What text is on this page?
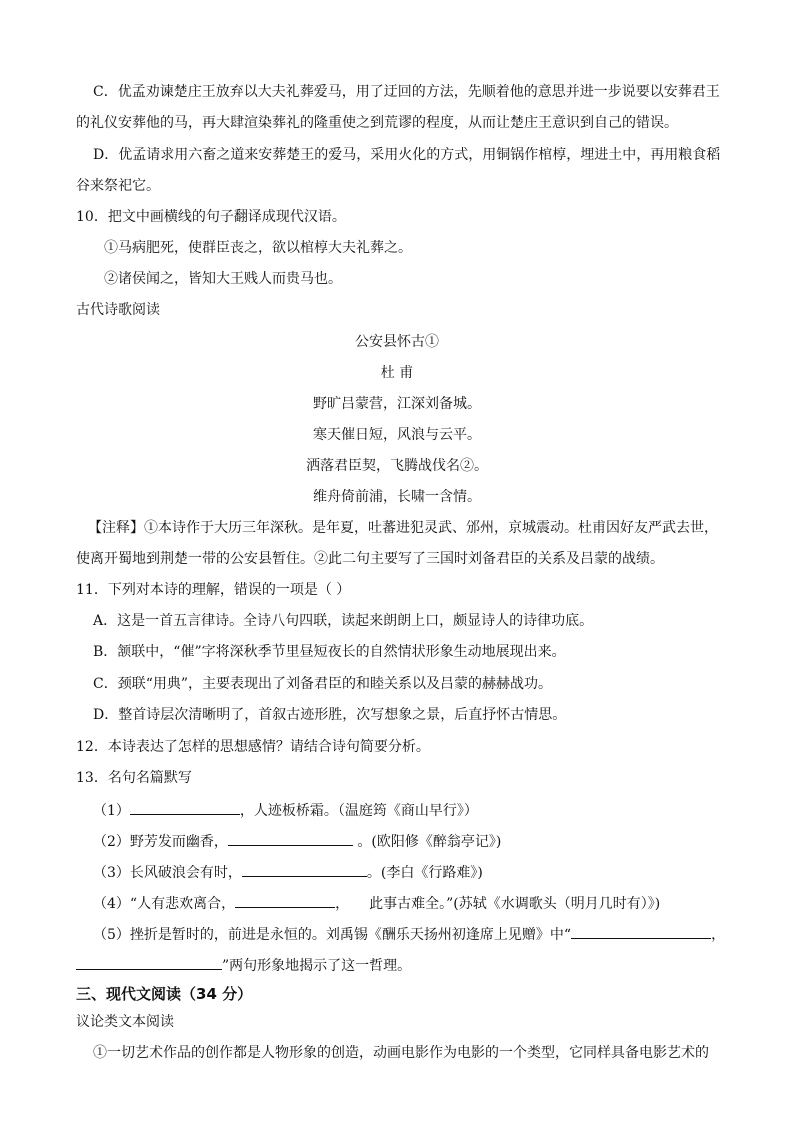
C．优孟劝谏楚庄王放弃以大夫礼葬爱马，用了迂回的方法，先顺着他的意思并进一步说要以安葬君王
的礼仪安葬他的马，再大肆渲染葬礼的隆重使之到荒谬的程度，从而让楚庄王意识到自己的错误。
D．优孟请求用六畜之道来安葬楚王的爱马，采用火化的方式，用铜锅作棺椁，埋进土中，再用粮食稻
谷来祭祀它。
10．把文中画横线的句子翻译成现代汉语。
①马病肥死，使群臣丧之，欲以棺椁大夫礼葬之。
②诸侯闻之，皆知大王贱人而贵马也。
古代诗歌阅读
公安县怀古①
杜 甫
野旷吕蒙营，江深刘备城。
寒天催日短，风浪与云平。
洒落君臣契，飞腾战伐名②。
维舟倚前浦，长啸一含情。
【注释】①本诗作于大历三年深秋。是年夏，吐蕃进犯灵武、邠州，京城震动。杜甫因好友严武去世，
使离开蜀地到荆楚一带的公安县暂住。②此二句主要写了三国时刘备君臣的关系及吕蒙的战绩。
11．下列对本诗的理解，错误的一项是（ ）
A．这是一首五言律诗。全诗八句四联，读起来朗朗上口，颇显诗人的诗律功底。
B．颔联中，“催”字将深秋季节里昼短夜长的自然情状形象生动地展现出来。
C．颈联“用典”，主要表现出了刘备君臣的和睦关系以及吕蒙的赫赫战功。
D．整首诗层次清晰明了，首叙古迹形胜，次写想象之景，后直抒怀古情思。
12．本诗表达了怎样的思想感情？请结合诗句简要分析。
13．名句名篇默写
（1）	，人迹板桥霜。（温庭筠《商山早行》）
（2）野芳发而幽香，	。(欧阳修《醉翁亭记》)
（3）长风破浪会有时，	。(李白《行路难》)
（4）“人有悲欢离合，	， 此事古难全。”(苏轼《水调歌头（明月几时有）》)
（5）挫折是暂时的，前进是永恒的。刘禹锡《酬乐天扬州初逢席上见赠》中“	，
”两句形象地揭示了这一哲理。
三、现代文阅读（34 分）
议论类文本阅读
①一切艺术作品的创作都是人物形象的创造，动画电影作为电影的一个类型，它同样具备电影艺术的
